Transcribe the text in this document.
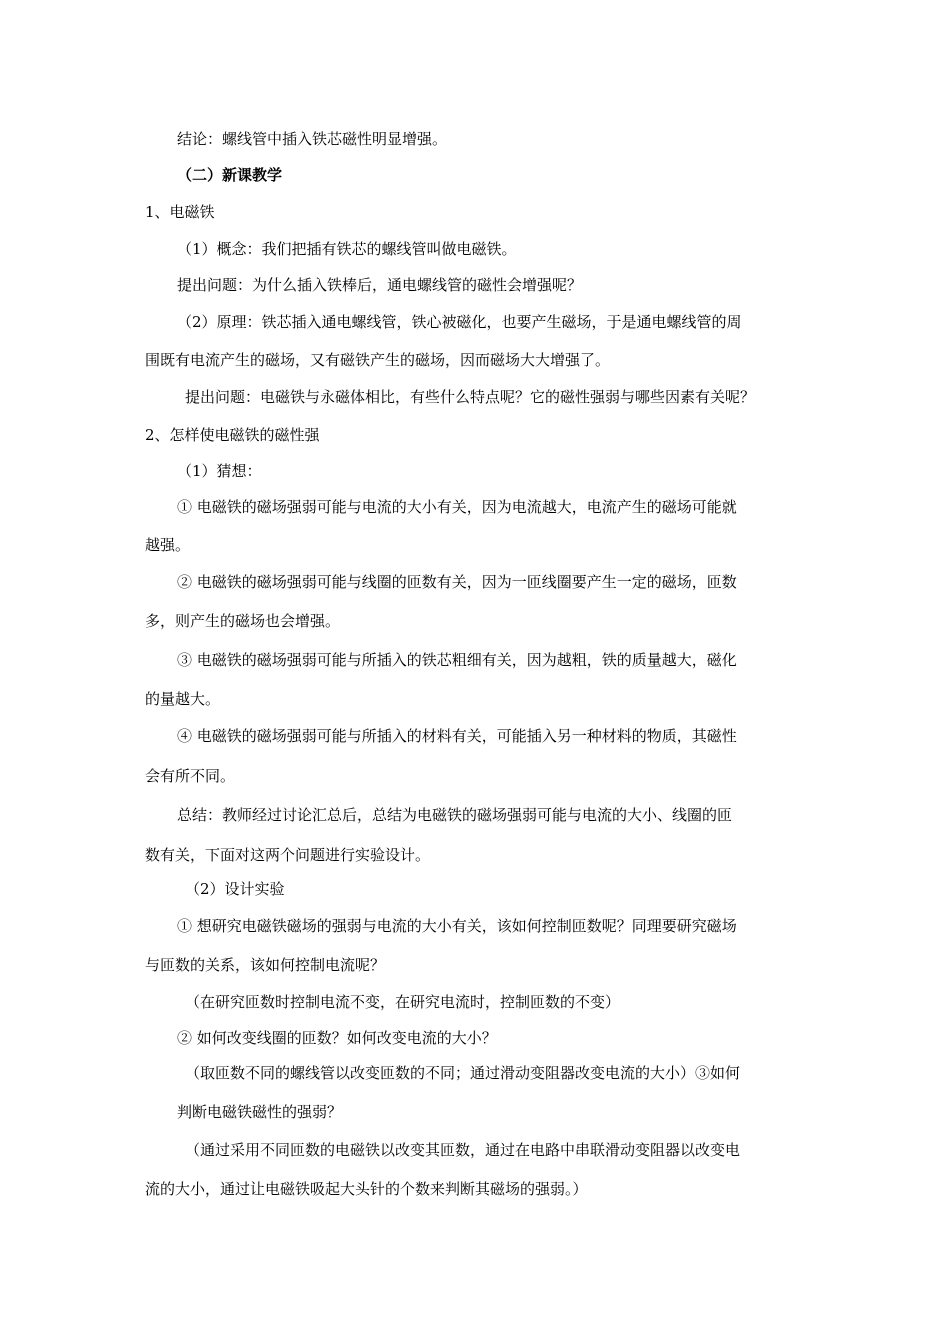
结论：螺线管中插入铁芯磁性明显增强。
（二）新课教学
1、电磁铁
（1）概念：我们把插有铁芯的螺线管叫做电磁铁。
提出问题：为什么插入铁棒后，通电螺线管的磁性会增强呢？
（2）原理：铁芯插入通电螺线管，铁心被磁化，也要产生磁场，于是通电螺线管的周
围既有电流产生的磁场，又有磁铁产生的磁场，因而磁场大大增强了。
提出问题：电磁铁与永磁体相比，有些什么特点呢？它的磁性强弱与哪些因素有关呢？
2、怎样使电磁铁的磁性强
（1）猜想：
① 电磁铁的磁场强弱可能与电流的大小有关，因为电流越大，电流产生的磁场可能就
越强。
② 电磁铁的磁场强弱可能与线圈的匝数有关，因为一匝线圈要产生一定的磁场，匝数
多，则产生的磁场也会增强。
③ 电磁铁的磁场强弱可能与所插入的铁芯粗细有关，因为越粗，铁的质量越大，磁化
的量越大。
④ 电磁铁的磁场强弱可能与所插入的材料有关，可能插入另一种材料的物质，其磁性
会有所不同。
总结：教师经过讨论汇总后，总结为电磁铁的磁场强弱可能与电流的大小、线圈的匝
数有关，下面对这两个问题进行实验设计。
（2）设计实验
① 想研究电磁铁磁场的强弱与电流的大小有关，该如何控制匝数呢？同理要研究磁场
与匝数的关系，该如何控制电流呢？
（在研究匝数时控制电流不变，在研究电流时，控制匝数的不变）
② 如何改变线圈的匝数？如何改变电流的大小？
（取匝数不同的螺线管以改变匝数的不同；通过滑动变阻器改变电流的大小）③如何
判断电磁铁磁性的强弱？
（通过采用不同匝数的电磁铁以改变其匝数，通过在电路中串联滑动变阻器以改变电
流的大小，通过让电磁铁吸起大头针的个数来判断其磁场的强弱。）
